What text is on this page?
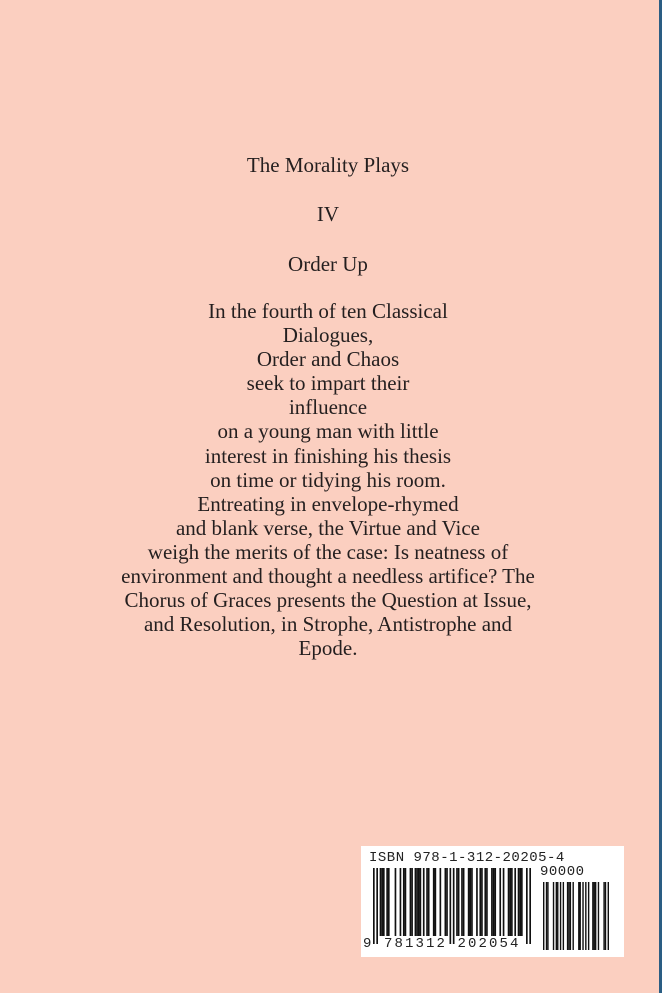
The Morality Plays
IV
Order Up
In the fourth of ten Classical
Dialogues,
Order and Chaos
seek to impart their
influence
on a young man with little
interest in finishing his thesis
on time or tidying his room.
Entreating in envelope-rhymed
and blank verse, the Virtue and Vice
weigh the merits of the case: Is neatness of
environment and thought a needless artifice? The
Chorus of Graces presents the Question at Issue,
and Resolution, in Strophe, Antistrophe and
Epode.
ISBN 978-1-312-20205-4
90000
9 781312 202054
